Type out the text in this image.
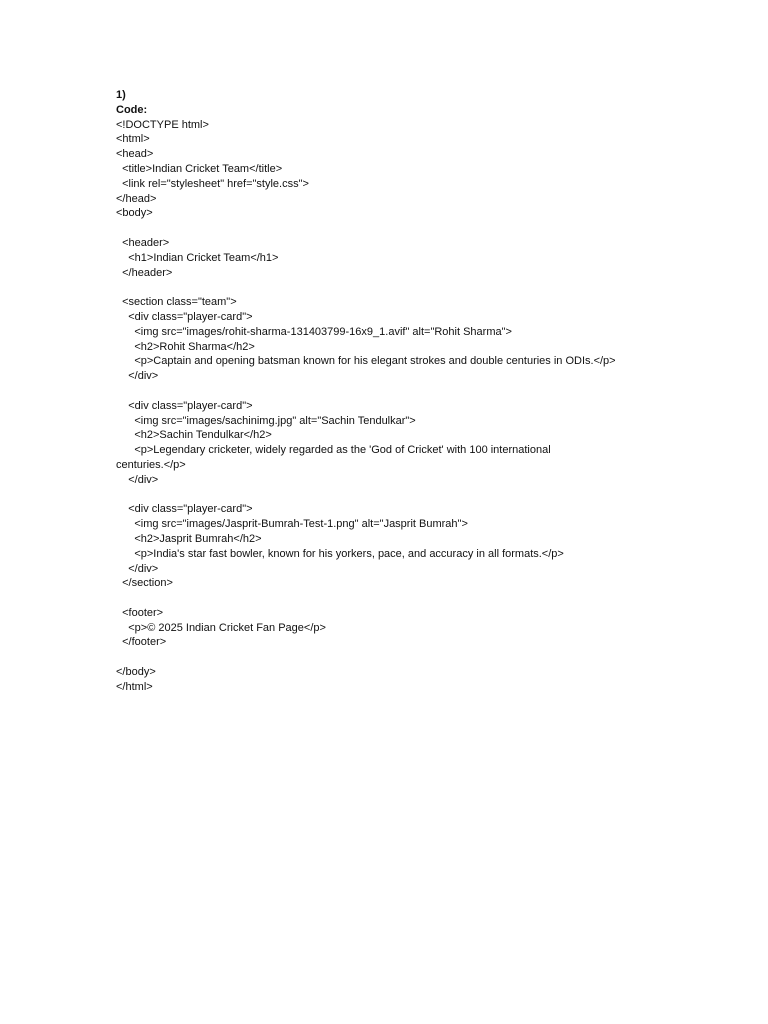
1)
Code:
<!DOCTYPE html>
<html>
<head>
<title>Indian Cricket Team</title>
<link rel="stylesheet" href="style.css">
</head>
<body>
<header>
<h1>Indian Cricket Team</h1>
</header>
<section class="team">
<div class="player-card">
<img src="images/rohit-sharma-131403799-16x9_1.avif" alt="Rohit Sharma">
<h2>Rohit Sharma</h2>
<p>Captain and opening batsman known for his elegant strokes and double centuries in ODIs.</p>
</div>
<div class="player-card">
<img src="images/sachinimg.jpg" alt="Sachin Tendulkar">
<h2>Sachin Tendulkar</h2>
<p>Legendary cricketer, widely regarded as the 'God of Cricket' with 100 international
centuries.</p>
</div>
<div class="player-card">
<img src="images/Jasprit-Bumrah-Test-1.png" alt="Jasprit Bumrah">
<h2>Jasprit Bumrah</h2>
<p>India's star fast bowler, known for his yorkers, pace, and accuracy in all formats.</p>
</div>
</section>
<footer>
<p>© 2025 Indian Cricket Fan Page</p>
</footer>
</body>
</html>
